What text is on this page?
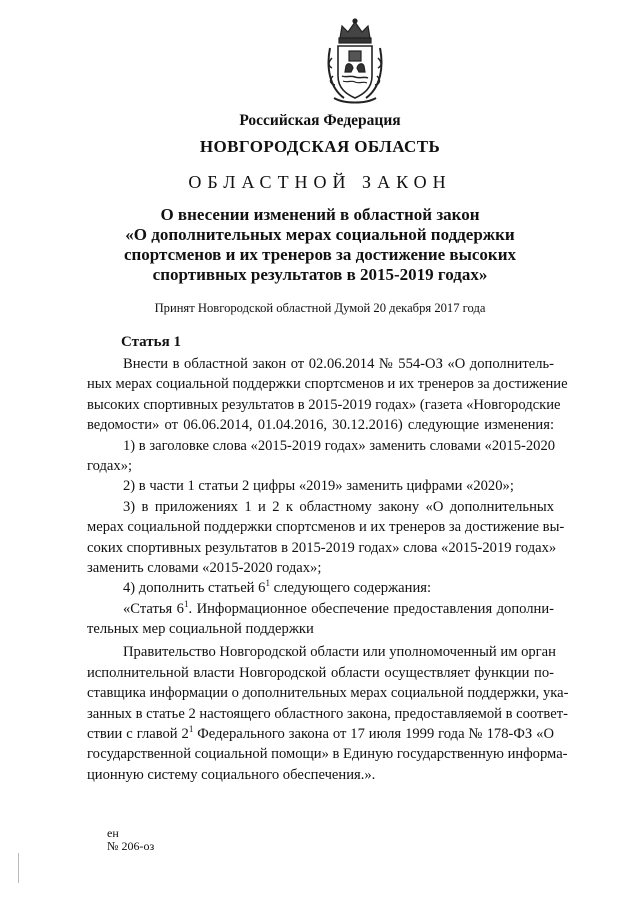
Российская Федерация
НОВГОРОДСКАЯ ОБЛАСТЬ
ОБЛАСТНОЙ ЗАКОН
О внесении изменений в областной закон
«О дополнительных мерах социальной поддержки
спортсменов и их тренеров за достижение высоких
спортивных результатов в 2015-2019 годах»
Принят Новгородской областной Думой 20 декабря 2017 года
Статья 1
Внести в областной закон от 02.06.2014 № 554-ОЗ «О дополнитель-
ных мерах социальной поддержки спортсменов и их тренеров за достижение
высоких спортивных результатов в 2015-2019 годах» (газета «Новгородские
ведомости» от 06.06.2014, 01.04.2016, 30.12.2016) следующие изменения:
1) в заголовке слова «2015-2019 годах» заменить словами «2015-2020
годах»;
2) в части 1 статьи 2 цифры «2019» заменить цифрами «2020»;
3) в приложениях 1 и 2 к областному закону «О дополнительных
мерах социальной поддержки спортсменов и их тренеров за достижение вы-
соких спортивных результатов в 2015-2019 годах» слова «2015-2019 годах»
заменить словами «2015-2020 годах»;
4) дополнить статьей $6^1$ следующего содержания:
«Статья $6^1$. Информационное обеспечение предоставления дополни-
тельных мер социальной поддержки
Правительство Новгородской области или уполномоченный им орган
исполнительной власти Новгородской области осуществляет функции по-
ставщика информации о дополнительных мерах социальной поддержки, ука-
занных в статье 2 настоящего областного закона, предоставляемой в соответ-
ствии с главой $2^1$ Федерального закона от 17 июля 1999 года № 178-ФЗ «О
государственной социальной помощи» в Единую государственную информа-
ционную систему социального обеспечения.».
ен
№ 206-оз
